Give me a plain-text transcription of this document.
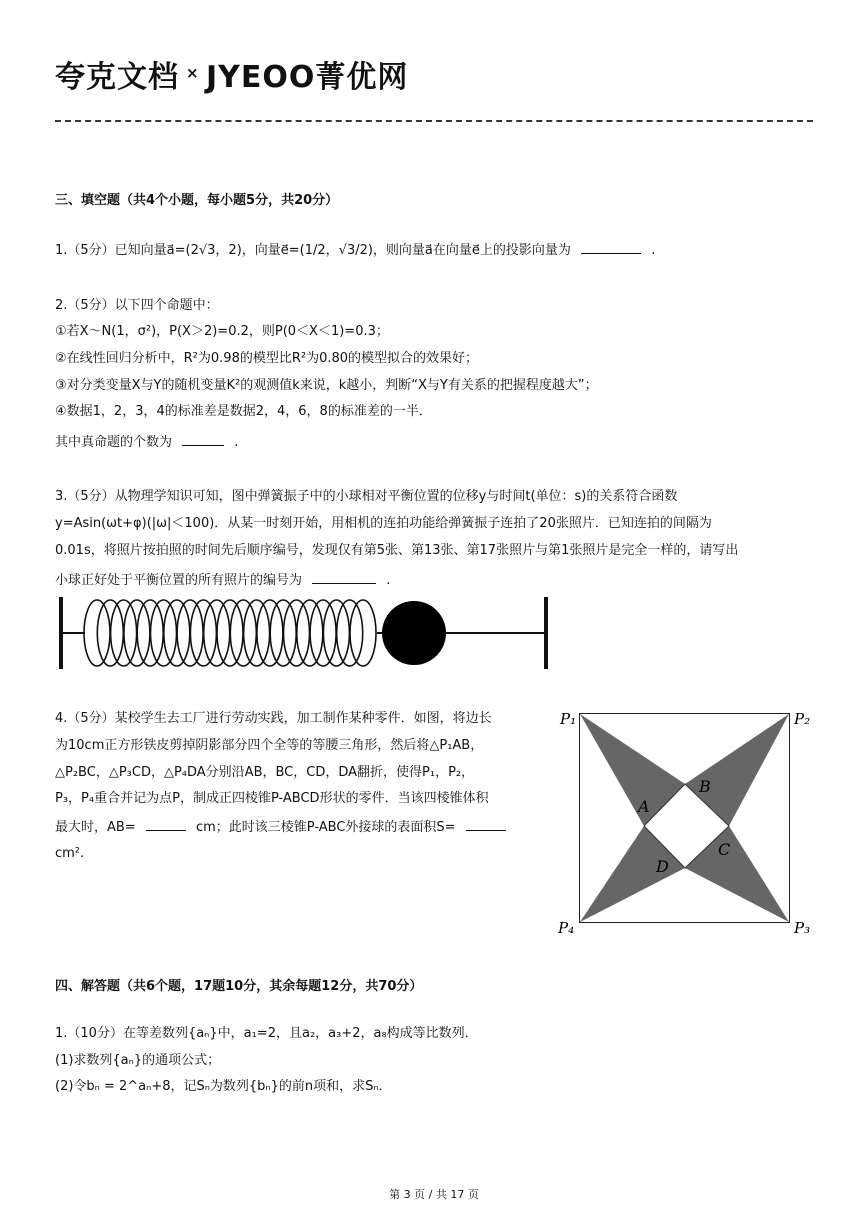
夸克文档 × JYEOO菁优网
三、填空题（共4个小题，每小题5分，共20分）
1.（5分）已知向量a⃗=(2√3，2)，向量e⃗=(1/2，√3/2)，则向量a⃗在向量e⃗上的投影向量为	.
2.（5分）以下四个命题中：
①若X～N(1，σ²)，P(X＞2)=0.2，则P(0＜X＜1)=0.3；
②在线性回归分析中，R²为0.98的模型比R²为0.80的模型拟合的效果好；
③对分类变量X与Y的随机变量K²的观测值k来说，k越小，判断“X与Y有关系的把握程度越大”；
④数据1，2，3，4的标准差是数据2，4，6，8的标准差的一半．
其中真命题的个数为	.
3.（5分）从物理学知识可知，图中弹簧振子中的小球相对平衡位置的位移y与时间t(单位：s)的关系符合函数
y=Asin(ωt+φ)(|ω|＜100)．从某一时刻开始，用相机的连拍功能给弹簧振子连拍了20张照片．已知连拍的间隔为
0.01s，将照片按拍照的时间先后顺序编号，发现仅有第5张、第13张、第17张照片与第1张照片是完全一样的，请写出
小球正好处于平衡位置的所有照片的编号为	.
4.（5分）某校学生去工厂进行劳动实践，加工制作某种零件．如图，将边长
为10cm正方形铁皮剪掉阴影部分四个全等的等腰三角形，然后将△P₁AB，
△P₂BC，△P₃CD，△P₄DA分别沿AB，BC，CD，DA翻折，使得P₁，P₂，
P₃，P₄重合并记为点P，制成正四棱锥P-ABCD形状的零件．当该四棱锥体积
最大时，AB=	cm；此时该三棱锥P-ABC外接球的表面积S=
cm².
P₁	P₂
P₃
P₄
A
B
C
D
四、解答题（共6个题，17题10分，其余每题12分，共70分）
1.（10分）在等差数列{aₙ}中，a₁=2，且a₂，a₃+2，a₈构成等比数列．
(1)求数列{aₙ}的通项公式；
(2)令bₙ = 2^aₙ+8，记Sₙ为数列{bₙ}的前n项和，求Sₙ．
第 3 页 / 共 17 页
